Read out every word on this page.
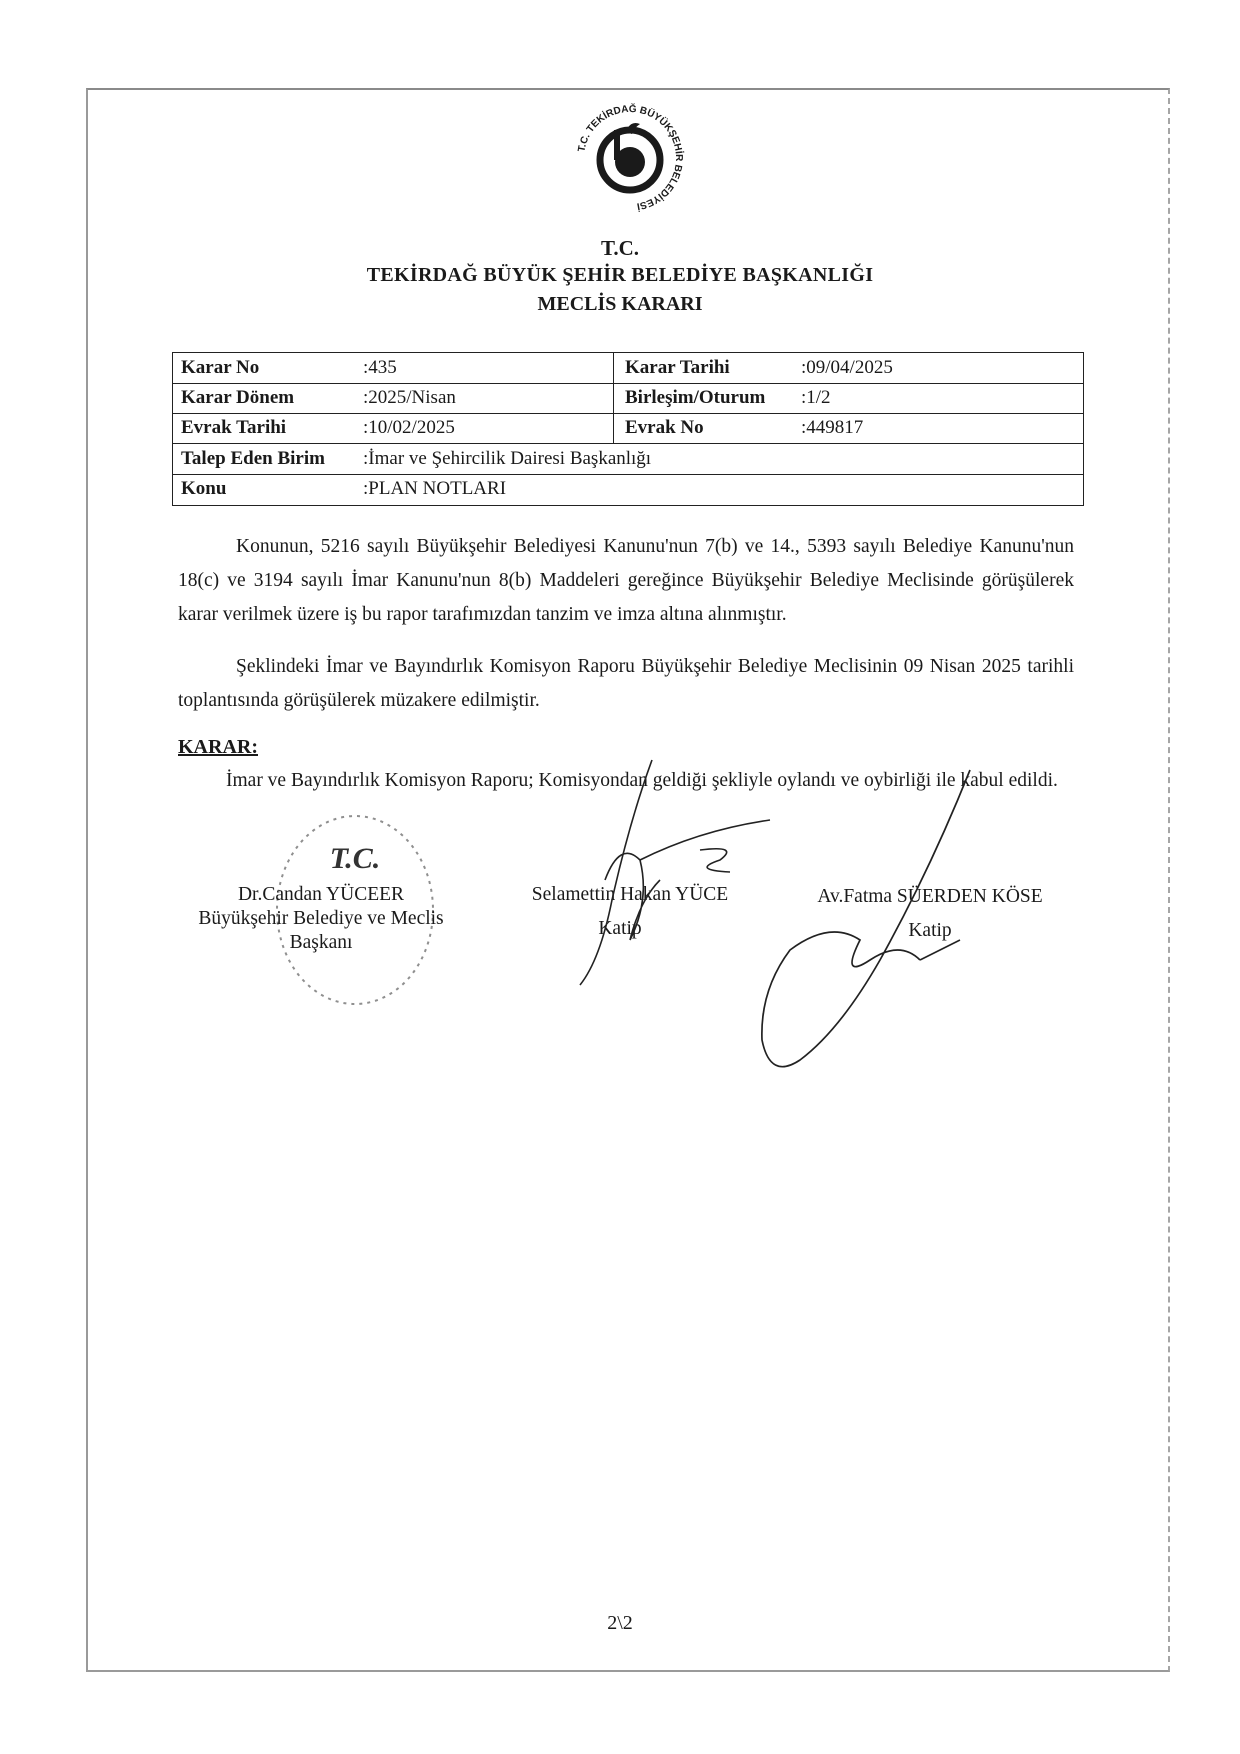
T.C. TEKİRDAĞ BÜYÜKŞEHİR BELEDİYESİ
T.C.
TEKİRDAĞ BÜYÜK ŞEHİR BELEDİYE BAŞKANLIĞI
MECLİS KARARI
Karar No	:435	Karar Tarihi	:09/04/2025
Karar Dönem	:2025/Nisan	Birleşim/Oturum :1/2
Evrak Tarihi	:10/02/2025	Evrak No	:449817
Talep Eden Birim :İmar ve Şehircilik Dairesi Başkanlığı
Konu	:PLAN NOTLARI
Konunun, 5216 sayılı Büyükşehir Belediyesi Kanunu'nun 7(b) ve 14., 5393 sayılı Belediye Kanunu'nun 18(c) ve 3194 sayılı İmar Kanunu'nun 8(b) Maddeleri gereğince Büyükşehir Belediye Meclisinde görüşülerek karar verilmek üzere iş bu rapor tarafımızdan tanzim ve imza altına alınmıştır.
Şeklindeki İmar ve Bayındırlık Komisyon Raporu Büyükşehir Belediye Meclisinin 09 Nisan 2025 tarihli toplantısında görüşülerek müzakere edilmiştir.
KARAR:
İmar ve Bayındırlık Komisyon Raporu; Komisyondan geldiği şekliyle oylandı ve oybirliği ile kabul edildi.
T.C.
Dr.Candan YÜCEER
Büyükşehir Belediye ve Meclis
Başkanı
Selamettin Hakan YÜCE
Katip
Av.Fatma SÜERDEN KÖSE
Katip
2\2
